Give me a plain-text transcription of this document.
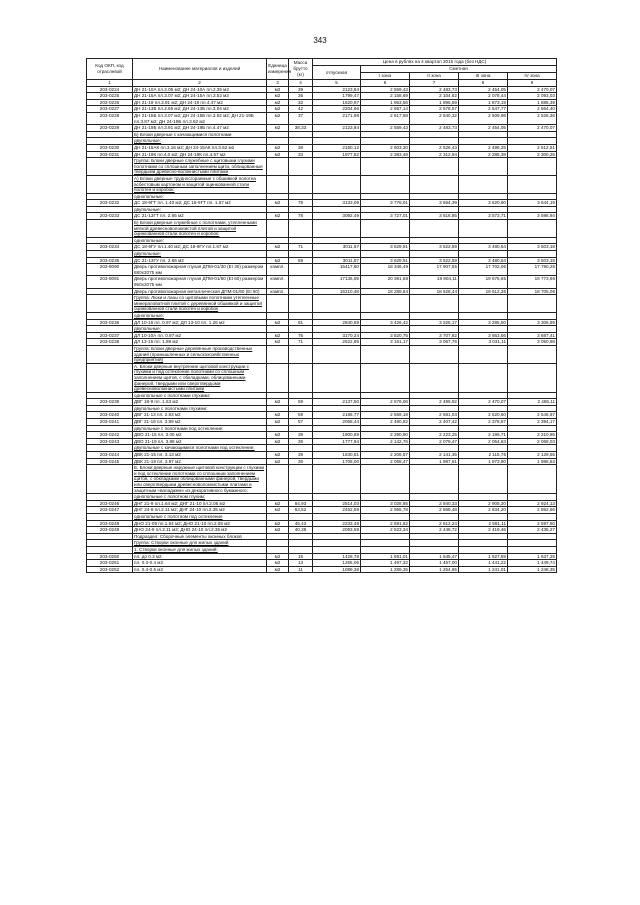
343
Код ОКП, код отраслевой	Наименование материалов и изделий	Единица измерения	Масса брутто (кг)	Цена в рублях на 4 квартал 2015 года (без НДС)				
				отпускная	Сметная			
					I зона	II зона	III зона	IV зона
1	2	3	4	5	6	7	8	9
203-0224	ДН 21-10А пл.2.05 м2; ДН 24-10А пл.2.35 м2	м2	39	2123,84	2 559,43	2 483,73	2 454,05	2 470,07
203-0225	ДН 21-15А пл.3.07 м2; ДН 24-15А пл.3.52 м2	м2	36	1799,47	2 158,69	2 104,62	2 078,44	2 093,03
203-0226	ДН 21-19 пл.3.91 м2; ДН 24-19 пл.4.47 м2	м2	32	1620,97	1 953,56	1 895,59	1 873,19	1 885,39
203-0227	ДН 21-13Б пл.2.65 м2; ДН 24-13Б пл.3.04 м2	м2	42	2204,66	2 657,14	2 578,57	2 547,77	2 564,40
203-0228	ДН 21-15Б пл.3.07 м2; ДН 24-15Б пл.3.52 м2; ДН 21-19Б пл.3.87 м2; ДН 24-19Б пл.3.62 м2	м2	37	2171,98	2 617,68	2 540,32	2 509,98	2 526,36
203-0229	ДН 21-19Б пл.3.91 м2; ДН 24-19Б пл.4.47 м2	м2	38,33	2123,84	2 559,43	2 483,73	2 454,05	2 470,07
	Б) Блоки дверные с качающимися полотнами							
	двупольные:							
203-0230	ДН 21-15АК пл.3.16 м2; ДН 24-15АК пл.3.62 м2	м2	38	2160,12	2 603,30	2 526,43	2 496,25	2 512,51
203-0231	ДН 21-19К пл.4.0 м2; ДН 24-19К пл.4.57 м2	м2	33	1977,82	2 383,48	2 312,94	2 285,38	2 300,25
	Группа: Блоки дверные служебные с щитовыми глухими полотнами со сплошным заполнением щита, облицованные твердыми древесно-волокнистыми плитами							
	А) Блоки дверные трудносгораемые с обшивкой полотна асбестовым картоном и защитой оцинкованной стали полотен и коробок:							
	однопольные:							
203-0232	ДС 18-9ГТ пл. 1.40 м2; ДС 18-9ГТ пл. 1.67 м2	м2	78	3133,09	3 776,01	3 664,39	3 620,60	3 644,19
	двупольные:							
203-0233	ДС 21-13ГТ пл. 2.66 м2	м2	78	3092,49	3 727,01	3 616,85	3 573,71	3 596,94
	Б) Блоки дверные служебные с полотнами, утепленными мягкой древесноволокнистой плитой и защитой оцинкованной стали полотен и коробок:							
	однопольные:							
203-0234	ДС 18-9ГУ пл.1.40 м2; ДС 18-9ГУ пл.1.67 м2	м2	71	3011,87	3 629,91	3 522,59	3 480,54	3 503,18
	двупольные:							
203-0235	ДС 21-13ГУ пл. 2.66 м2	м2	69	3011,87	3 629,91	3 522,59	3 480,54	3 503,18
203-8090	Дверь противопожарная глухая ДПМ-01/30 (EI 30) размером 880х2075 мм	компл.		15417,60	18 346,49	17 907,55	17 702,06	17 790,26
203-8091	Дверь противопожарная глухая ДПМ-01/60 (EI 60) размером 950х2075 мм	компл.		17136,59	20 391,68	19 904,11	19 675,65	19 773,66
	Дверь противопожарная металлическая ДПМ-01/60 (EI 60)	компл.		15210,48	18 289,84	18 628,44	18 612,36	18 705,06
	Группа: Люки и лазы со щитовыми полотнами утепленные минераловатной плитой с деревянной обшивкой и защитой оцинкованной стали полотен и коробок							
	однопольные:							
203-0236	ДЛ 10-16 пл. 0.97 м2; ДЛ 13-10 пл. 1.26 м2	м2	81	2840,69	3 426,42	3 325,17	3 285,50	3 306,89
	двупольные:							
203-0237	ДЛ 10-10А пл. 0.97 м2	м2	75	3170,24	3 820,75	3 707,82	3 663,56	3 687,41
203-0238	ДЛ 13-15 пл. 1.89 м2	м2	71	2622,95	3 161,17	3 067,76	3 031,11	3 050,98
	Группа: Блоки дверные деревянные производственных зданий (промышленных и сельскохозяйственных предприятий)							
	А. Блоки дверные внутренние щитовой конструкции с глухими и под остекление полотнами со сплошным заполнением щитов, с обкладками, облицованными фанерой, твердыми или сверхтвердыми древесноволокнистыми плитами							
	однопольные с полотнами глухими:							
203-0239	ДВГ 18-9 пл. 1.63 м2	м2	59	2137,50	2 576,06	2 499,92	2 470,07	2 486,11
	двупольные с полотнами глухими:							
203-0240	ДВГ 21-13 пл. 2.83 м2	м2	59	2186,77	2 659,18	2 581,04	2 520,50	2 546,97
203-0241	ДВГ 21-19 пл. 3.89 м2	м2	57	2058,44	2 480,82	2 407,42	2 378,67	2 394,17
	двупольные с полотнами под остекление:							
203-0242	ДВО 21-15 пл. 3.05 м2	м2	39	1900,89	2 290,90	2 223,25	2 196,71	2 210,95
203-0243	ДВО 21-19 пл. 3.88 м2	м2	36	1777,94	2 142,76	2 079,47	2 054,63	2 068,03
	двупольные с качающимися полотнами под остекление:							
203-0244	ДВК 21-15 пл. 3.13 м2	м2	39	1830,81	2 206,57	2 141,35	2 115,76	2 129,55
203-0245	ДВК 21-19 пл. 3.97 м2	м2	36	1708,00	2 058,47	1 997,61	1 973,80	1 986,63
	Б. Блоки дверные наружные щитовой конструкции с глухими и под остекление полотнами со сплошным заполнением щитов, с обкладками облицованными фанерой, твердыми или сверхтвердыми древесноволокнистыми плитами и защитным «валаджем» из декоративного бумажного:							
	однопольные с полотном глухим:							
203-0246	ДНГ 21-9 пл.1.64 м2; ДНГ 21-10 пл.2.05 м2	м2	64,93	2514,03	3 028,85	2 940,33	2 905,20	2 924,13
203-0247	ДНГ 24-9 пл.2.11 м2; ДНГ 24-10 пл.2.35 м2	м2	63,52	2452,59	2 955,78	2 868,48	2 834,20	2 852,66
	однопольные с полотном под остекление							
203-0248	ДНО 21-09 пл.1.64 м2; ДНО 21-10 пл.2.05 м2	м2	45,43	2233,48	2 691,62	2 612,24	2 581,11	2 597,90
203-0249	ДНО 24-9 пл.2.11 м2; ДНО 24-10 пл.2.35 м2	м2	40,38	2093,59	2 523,34	2 448,72	2 419,46	2 435,27
	Подраздел: Сборочные элементы оконных блоков							
	Группа: Створки оконные для жилых зданий							
	1. Створки оконные для жилых зданий:							
203-0250	пл. до 0.3 м2	м2	15	1428,78	1 691,01	1 645,47	1 627,69	1 637,26
203-0251	пл. 0.3-0.4 м2	м2	13	1265,06	1 497,32	1 457,00	1 441,22	1 449,74
203-0252	пл. 0.4-0.5 м2	м2	11	1089,36	1 289,35	1 254,65	1 241,01	1 248,35
